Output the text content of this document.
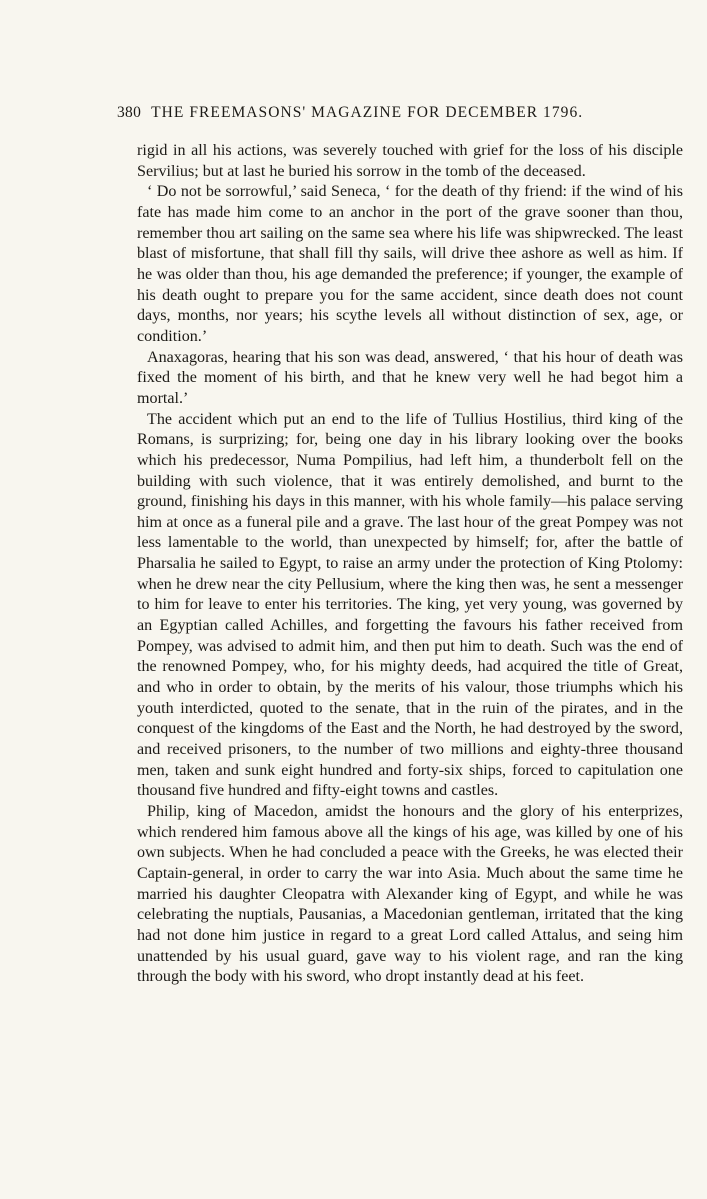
380 THE FREEMASONS' MAGAZINE FOR DECEMBER 1796.

rigid in all his actions, was severely touched with grief for the loss of his disciple Servilius; but at last he buried his sorrow in the tomb of the deceased.

‘ Do not be sorrowful,’ said Seneca, ‘ for the death of thy friend: if the wind of his fate has made him come to an anchor in the port of the grave sooner than thou, remember thou art sailing on the same sea where his life was shipwrecked. The least blast of misfortune, that shall fill thy sails, will drive thee ashore as well as him. If he was older than thou, his age demanded the preference; if younger, the example of his death ought to prepare you for the same accident, since death does not count days, months, nor years; his scythe levels all without distinction of sex, age, or condition.’

Anaxagoras, hearing that his son was dead, answered, ‘ that his hour of death was fixed the moment of his birth, and that he knew very well he had begot him a mortal.’

The accident which put an end to the life of Tullius Hostilius, third king of the Romans, is surprizing; for, being one day in his library looking over the books which his predecessor, Numa Pompilius, had left him, a thunderbolt fell on the building with such violence, that it was entirely demolished, and burnt to the ground, finishing his days in this manner, with his whole family—his palace serving him at once as a funeral pile and a grave. The last hour of the great Pompey was not less lamentable to the world, than unexpected by himself; for, after the battle of Pharsalia he sailed to Egypt, to raise an army under the protection of King Ptolomy: when he drew near the city Pellusium, where the king then was, he sent a messenger to him for leave to enter his territories. The king, yet very young, was governed by an Egyptian called Achilles, and forgetting the favours his father received from Pompey, was advised to admit him, and then put him to death. Such was the end of the renowned Pompey, who, for his mighty deeds, had acquired the title of Great, and who in order to obtain, by the merits of his valour, those triumphs which his youth interdicted, quoted to the senate, that in the ruin of the pirates, and in the conquest of the kingdoms of the East and the North, he had destroyed by the sword, and received prisoners, to the number of two millions and eighty-three thousand men, taken and sunk eight hundred and forty-six ships, forced to capitulation one thousand five hundred and fifty-eight towns and castles.

Philip, king of Macedon, amidst the honours and the glory of his enterprizes, which rendered him famous above all the kings of his age, was killed by one of his own subjects. When he had concluded a peace with the Greeks, he was elected their Captain-general, in order to carry the war into Asia. Much about the same time he married his daughter Cleopatra with Alexander king of Egypt, and while he was celebrating the nuptials, Pausanias, a Macedonian gentleman, irritated that the king had not done him justice in regard to a great Lord called Attalus, and seing him unattended by his usual guard, gave way to his violent rage, and ran the king through the body with his sword, who dropt instantly dead at his feet.
